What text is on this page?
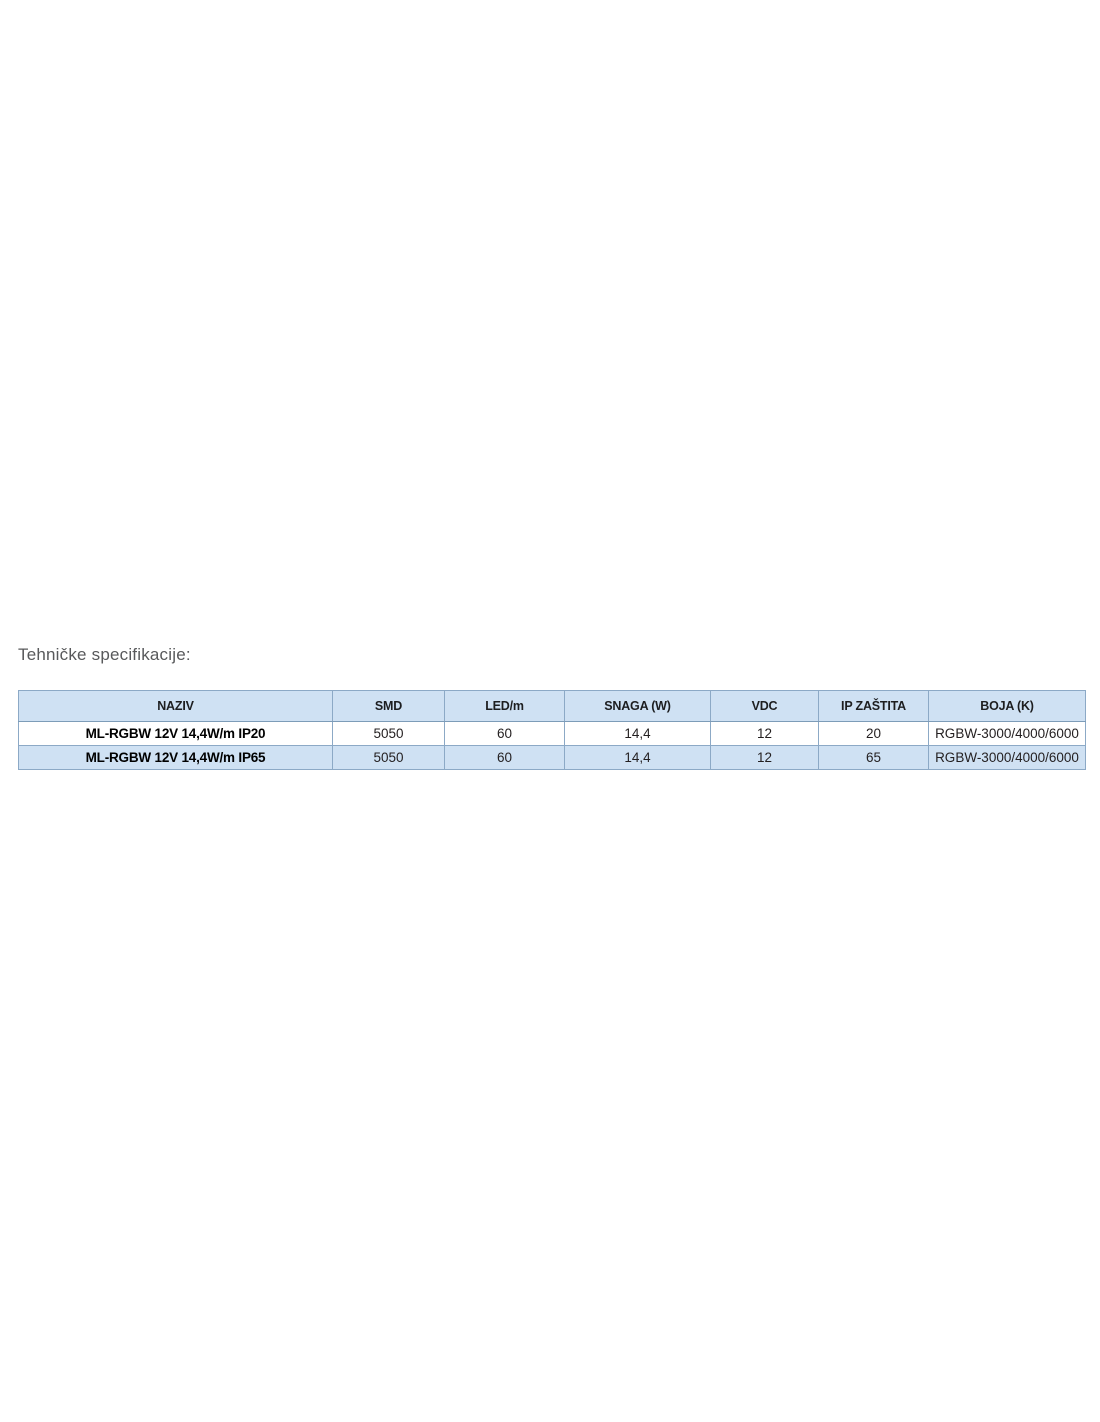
Tehničke specifikacije:
NAZIV	SMD	LED/m	SNAGA (W)	VDC	IP ZAŠTITA	BOJA (K)
ML-RGBW 12V 14,4W/m IP20	5050	60	14,4	12	20	RGBW-3000/4000/6000
ML-RGBW 12V 14,4W/m IP65	5050	60	14,4	12	65	RGBW-3000/4000/6000
